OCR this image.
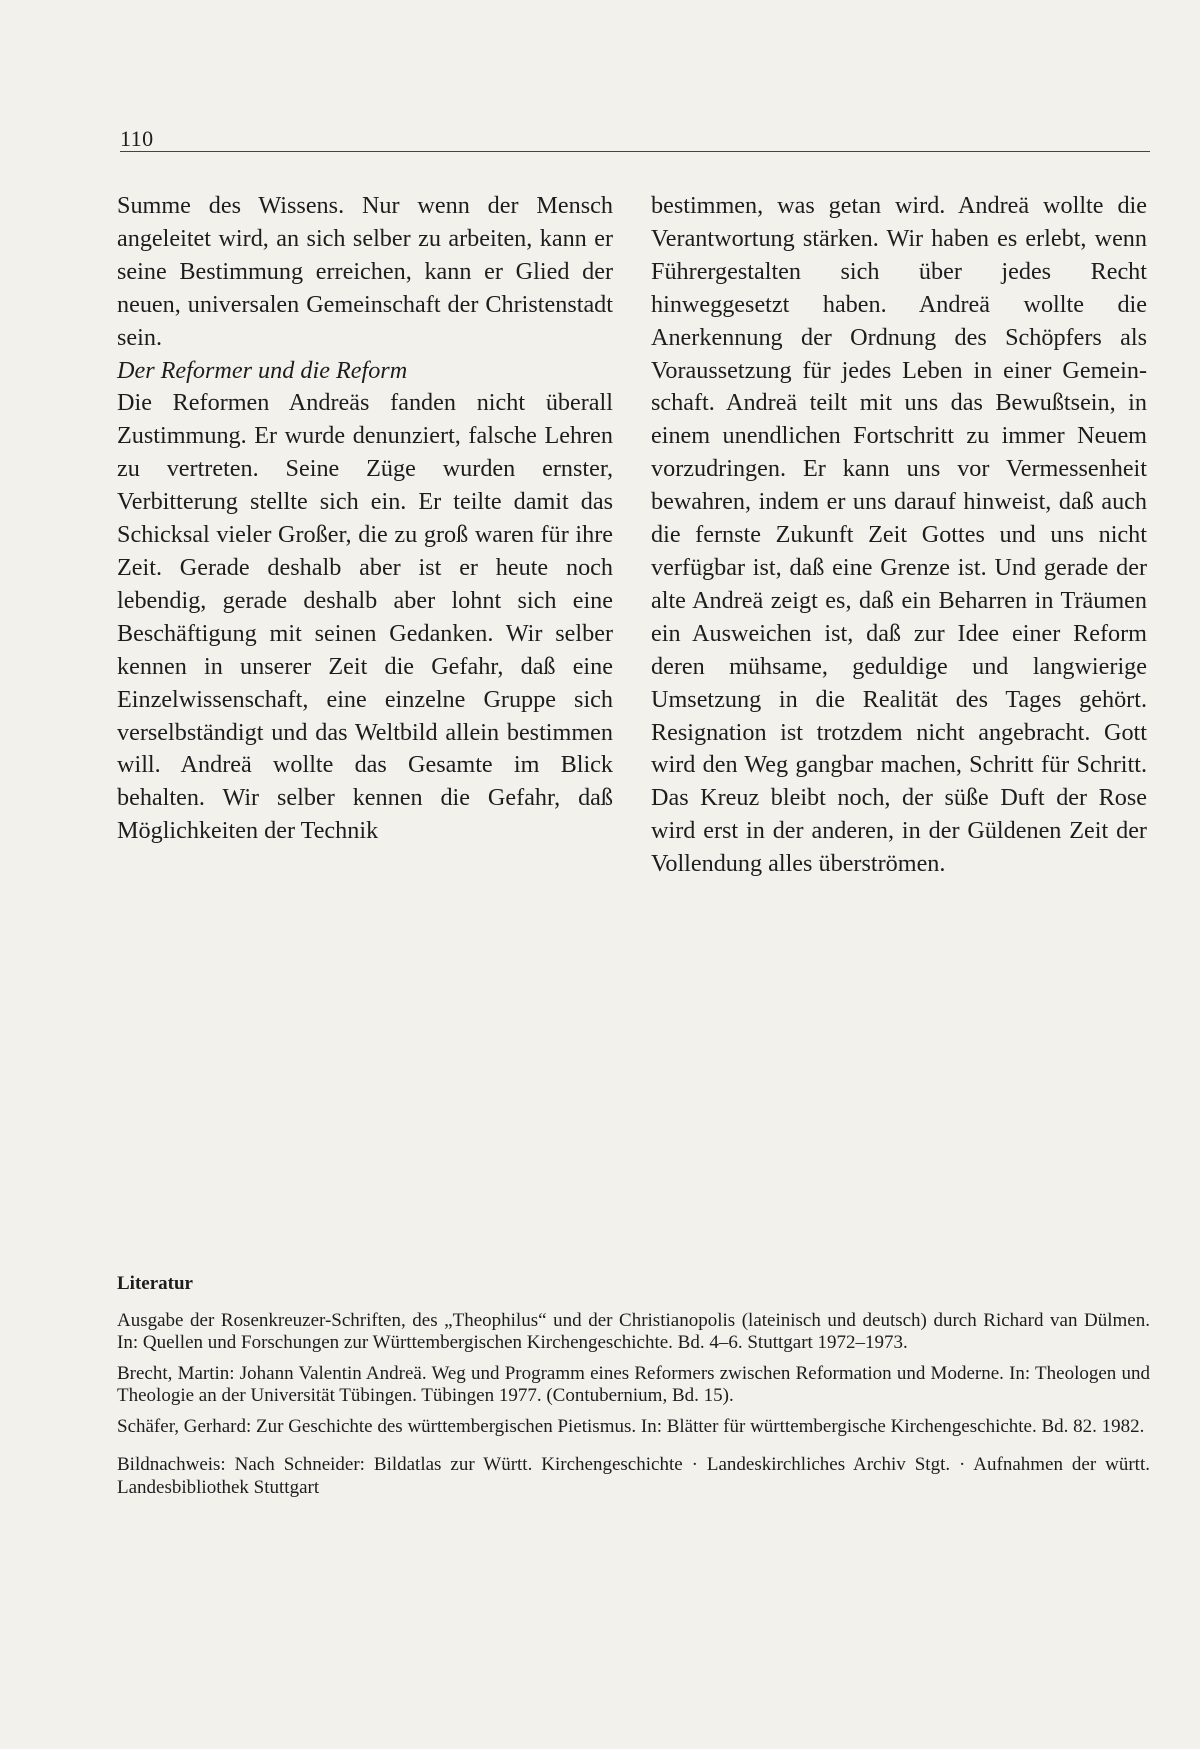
110

Summe des Wissens. Nur wenn der Mensch angeleitet wird, an sich selber zu arbeiten, kann er seine Bestimmung erreichen, kann er Glied der neuen, universalen Gemeinschaft der Christenstadt sein.

Der Reformer und die Reform

Die Reformen Andreäs fanden nicht überall Zustimmung. Er wurde denunziert, falsche Lehren zu vertreten. Seine Züge wurden ernster, Verbitterung stellte sich ein. Er teilte damit das Schicksal vieler Großer, die zu groß waren für ihre Zeit. Gerade deshalb aber ist er heute noch lebendig, gerade deshalb aber lohnt sich eine Beschäftigung mit seinen Gedanken. Wir selber kennen in unserer Zeit die Gefahr, daß eine Einzelwissenschaft, eine einzelne Gruppe sich verselbständigt und das Weltbild allein bestimmen will. Andreä wollte das Gesamte im Blick behalten. Wir selber kennen die Gefahr, daß Möglichkeiten der Technik

bestimmen, was getan wird. Andreä wollte die Verantwortung stärken. Wir haben es erlebt, wenn Führergestalten sich über jedes Recht hinweggesetzt haben. Andreä wollte die Anerkennung der Ordnung des Schöpfers als Voraussetzung für jedes Leben in einer Gemeinschaft. Andreä teilt mit uns das Bewußtsein, in einem unendlichen Fortschritt zu immer Neuem vorzudringen. Er kann uns vor Vermessenheit bewahren, indem er uns darauf hinweist, daß auch die fernste Zukunft Zeit Gottes und uns nicht verfügbar ist, daß eine Grenze ist. Und gerade der alte Andreä zeigt es, daß ein Beharren in Träumen ein Ausweichen ist, daß zur Idee einer Reform deren mühsame, geduldige und langwierige Umsetzung in die Realität des Tages gehört. Resignation ist trotzdem nicht angebracht. Gott wird den Weg gangbar machen, Schritt für Schritt. Das Kreuz bleibt noch, der süße Duft der Rose wird erst in der anderen, in der Güldenen Zeit der Vollendung alles überströmen.

Literatur

Ausgabe der Rosenkreuzer-Schriften, des „Theophilus“ und der Christianopolis (lateinisch und deutsch) durch Richard van Dülmen. In: Quellen und Forschungen zur Württembergischen Kirchengeschichte. Bd. 4–6. Stuttgart 1972–1973.

Brecht, Martin: Johann Valentin Andreä. Weg und Programm eines Reformers zwischen Reformation und Moderne. In: Theologen und Theologie an der Universität Tübingen. Tübingen 1977. (Contubernium, Bd. 15).

Schäfer, Gerhard: Zur Geschichte des württembergischen Pietismus. In: Blätter für württembergische Kirchengeschichte. Bd. 82. 1982.

Bildnachweis: Nach Schneider: Bildatlas zur Württ. Kirchengeschichte · Landeskirchliches Archiv Stgt. · Aufnahmen der württ. Landesbibliothek Stuttgart
